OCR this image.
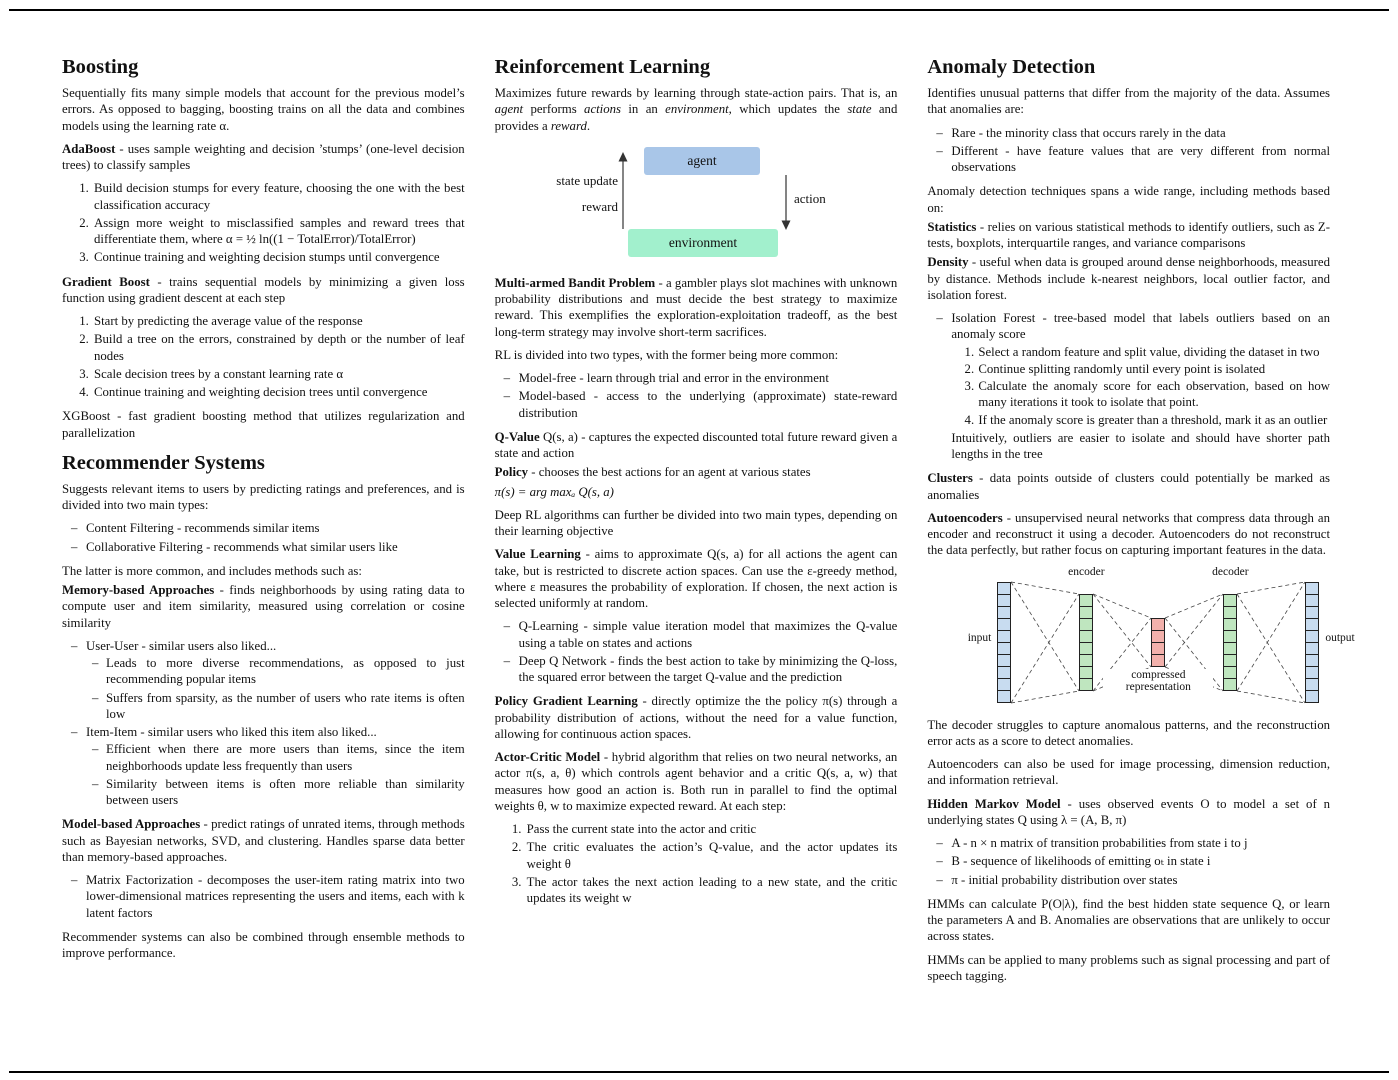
Boosting

Sequentially fits many simple models that account for the previous model’s errors. As opposed to bagging, boosting trains on all the data and combines models using the learning rate α.

AdaBoost - uses sample weighting and decision ’stumps’ (one-level decision trees) to classify samples

1. Build decision stumps for every feature, choosing the one with the best classification accuracy
2. Assign more weight to misclassified samples and reward trees that differentiate them, where α = ½ ln((1 − TotalError)/TotalError)
3. Continue training and weighting decision stumps until convergence

Gradient Boost - trains sequential models by minimizing a given loss function using gradient descent at each step

1. Start by predicting the average value of the response
2. Build a tree on the errors, constrained by depth or the number of leaf nodes
3. Scale decision trees by a constant learning rate α
4. Continue training and weighting decision trees until convergence

XGBoost - fast gradient boosting method that utilizes regularization and parallelization

Recommender Systems

Suggests relevant items to users by predicting ratings and preferences, and is divided into two main types:

– Content Filtering - recommends similar items
– Collaborative Filtering - recommends what similar users like

The latter is more common, and includes methods such as:

Memory-based Approaches - finds neighborhoods by using rating data to compute user and item similarity, measured using correlation or cosine similarity

– User-User - similar users also liked...
– Leads to more diverse recommendations, as opposed to just recommending popular items
– Suffers from sparsity, as the number of users who rate items is often low
– Item-Item - similar users who liked this item also liked...
– Efficient when there are more users than items, since the item neighborhoods update less frequently than users
– Similarity between items is often more reliable than similarity between users

Model-based Approaches - predict ratings of unrated items, through methods such as Bayesian networks, SVD, and clustering. Handles sparse data better than memory-based approaches.

– Matrix Factorization - decomposes the user-item rating matrix into two lower-dimensional matrices representing the users and items, each with k latent factors

Recommender systems can also be combined through ensemble methods to improve performance.

Reinforcement Learning

Maximizes future rewards by learning through state-action pairs. That is, an agent performs actions in an environment, which updates the state and provides a reward.

agent
environment
state update
reward
action

Multi-armed Bandit Problem - a gambler plays slot machines with unknown probability distributions and must decide the best strategy to maximize reward. This exemplifies the exploration-exploitation tradeoff, as the best long-term strategy may involve short-term sacrifices.

RL is divided into two types, with the former being more common:

– Model-free - learn through trial and error in the environment
– Model-based - access to the underlying (approximate) state-reward distribution

Q-Value Q(s, a) - captures the expected discounted total future reward given a state and action

Policy - chooses the best actions for an agent at various states

π(s) = arg maxₐ Q(s, a)

Deep RL algorithms can further be divided into two main types, depending on their learning objective

Value Learning - aims to approximate Q(s, a) for all actions the agent can take, but is restricted to discrete action spaces. Can use the ε-greedy method, where ε measures the probability of exploration. If chosen, the next action is selected uniformly at random.

– Q-Learning - simple value iteration model that maximizes the Q-value using a table on states and actions
– Deep Q Network - finds the best action to take by minimizing the Q-loss, the squared error between the target Q-value and the prediction

Policy Gradient Learning - directly optimize the the policy π(s) through a probability distribution of actions, without the need for a value function, allowing for continuous action spaces.

Actor-Critic Model - hybrid algorithm that relies on two neural networks, an actor π(s, a, θ) which controls agent behavior and a critic Q(s, a, w) that measures how good an action is. Both run in parallel to find the optimal weights θ, w to maximize expected reward. At each step:

1. Pass the current state into the actor and critic
2. The critic evaluates the action’s Q-value, and the actor updates its weight θ
3. The actor takes the next action leading to a new state, and the critic updates its weight w
Anomaly Detection

Identifies unusual patterns that differ from the majority of the data. Assumes that anomalies are:

– Rare - the minority class that occurs rarely in the data
– Different - have feature values that are very different from normal observations

Anomaly detection techniques spans a wide range, including methods based on:

Statistics - relies on various statistical methods to identify outliers, such as Z-tests, boxplots, interquartile ranges, and variance comparisons

Density - useful when data is grouped around dense neighborhoods, measured by distance. Methods include k-nearest neighbors, local outlier factor, and isolation forest.

– Isolation Forest - tree-based model that labels outliers based on an anomaly score
1. Select a random feature and split value, dividing the dataset in two
2. Continue splitting randomly until every point is isolated
3. Calculate the anomaly score for each observation, based on how many iterations it took to isolate that point.
4. If the anomaly score is greater than a threshold, mark it as an outlier
Intuitively, outliers are easier to isolate and should have shorter path lengths in the tree

Clusters - data points outside of clusters could potentially be marked as anomalies

Autoencoders - unsupervised neural networks that compress data through an encoder and reconstruct it using a decoder. Autoencoders do not reconstruct the data perfectly, but rather focus on capturing important features in the data.

encoder	decoder
input	output
compressed
representation

The decoder struggles to capture anomalous patterns, and the reconstruction error acts as a score to detect anomalies.

Autoencoders can also be used for image processing, dimension reduction, and information retrieval.

Hidden Markov Model - uses observed events O to model a set of n underlying states Q using λ = (A, B, π)

– A - n × n matrix of transition probabilities from state i to j
– B - sequence of likelihoods of emitting oₜ in state i
– π - initial probability distribution over states

HMMs can calculate P(O|λ), find the best hidden state sequence Q, or learn the parameters A and B. Anomalies are observations that are unlikely to occur across states.

HMMs can be applied to many problems such as signal processing and part of speech tagging.
